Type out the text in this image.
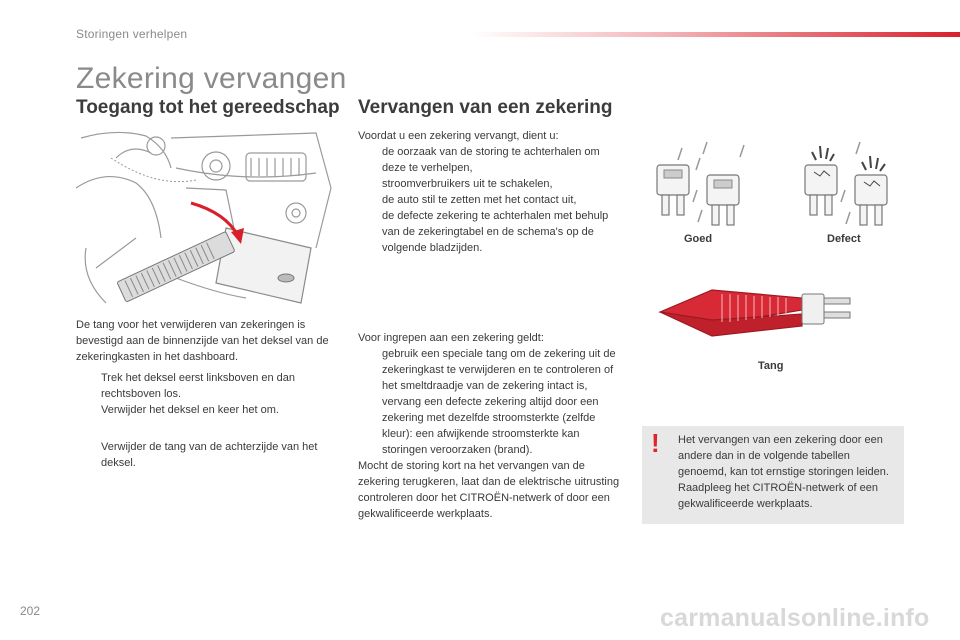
Storingen verhelpen
Zekering vervangen
Toegang tot het gereedschap Vervangen van een zekering
De tang voor het verwijderen van zekeringen is bevestigd aan de binnenzijde van het deksel van de zekeringkasten in het dashboard.
Trek het deksel eerst linksboven en dan rechtsboven los.
Verwijder het deksel en keer het om.
Verwijder de tang van de achterzijde van het deksel.
Voordat u een zekering vervangt, dient u:
de oorzaak van de storing te achterhalen om deze te verhelpen,
stroomverbruikers uit te schakelen,
de auto stil te zetten met het contact uit,
de defecte zekering te achterhalen met behulp van de zekeringtabel en de schema's op de volgende bladzijden.
Voor ingrepen aan een zekering geldt:
gebruik een speciale tang om de zekering uit de zekeringkast te verwijderen en te controleren of het smeltdraadje van de zekering intact is,
vervang een defecte zekering altijd door een zekering met dezelfde stroomsterkte (zelfde kleur): een afwijkende stroomsterkte kan storingen veroorzaken (brand).
Mocht de storing kort na het vervangen van de zekering terugkeren, laat dan de elektrische uitrusting controleren door het CITROËN-netwerk of door een gekwalificeerde werkplaats.
Goed	Defect
Tang
! Het vervangen van een zekering door een andere dan in de volgende tabellen genoemd, kan tot ernstige storingen leiden. Raadpleeg het CITROËN-netwerk of een gekwalificeerde werkplaats.
202	carmanualsonline.info
